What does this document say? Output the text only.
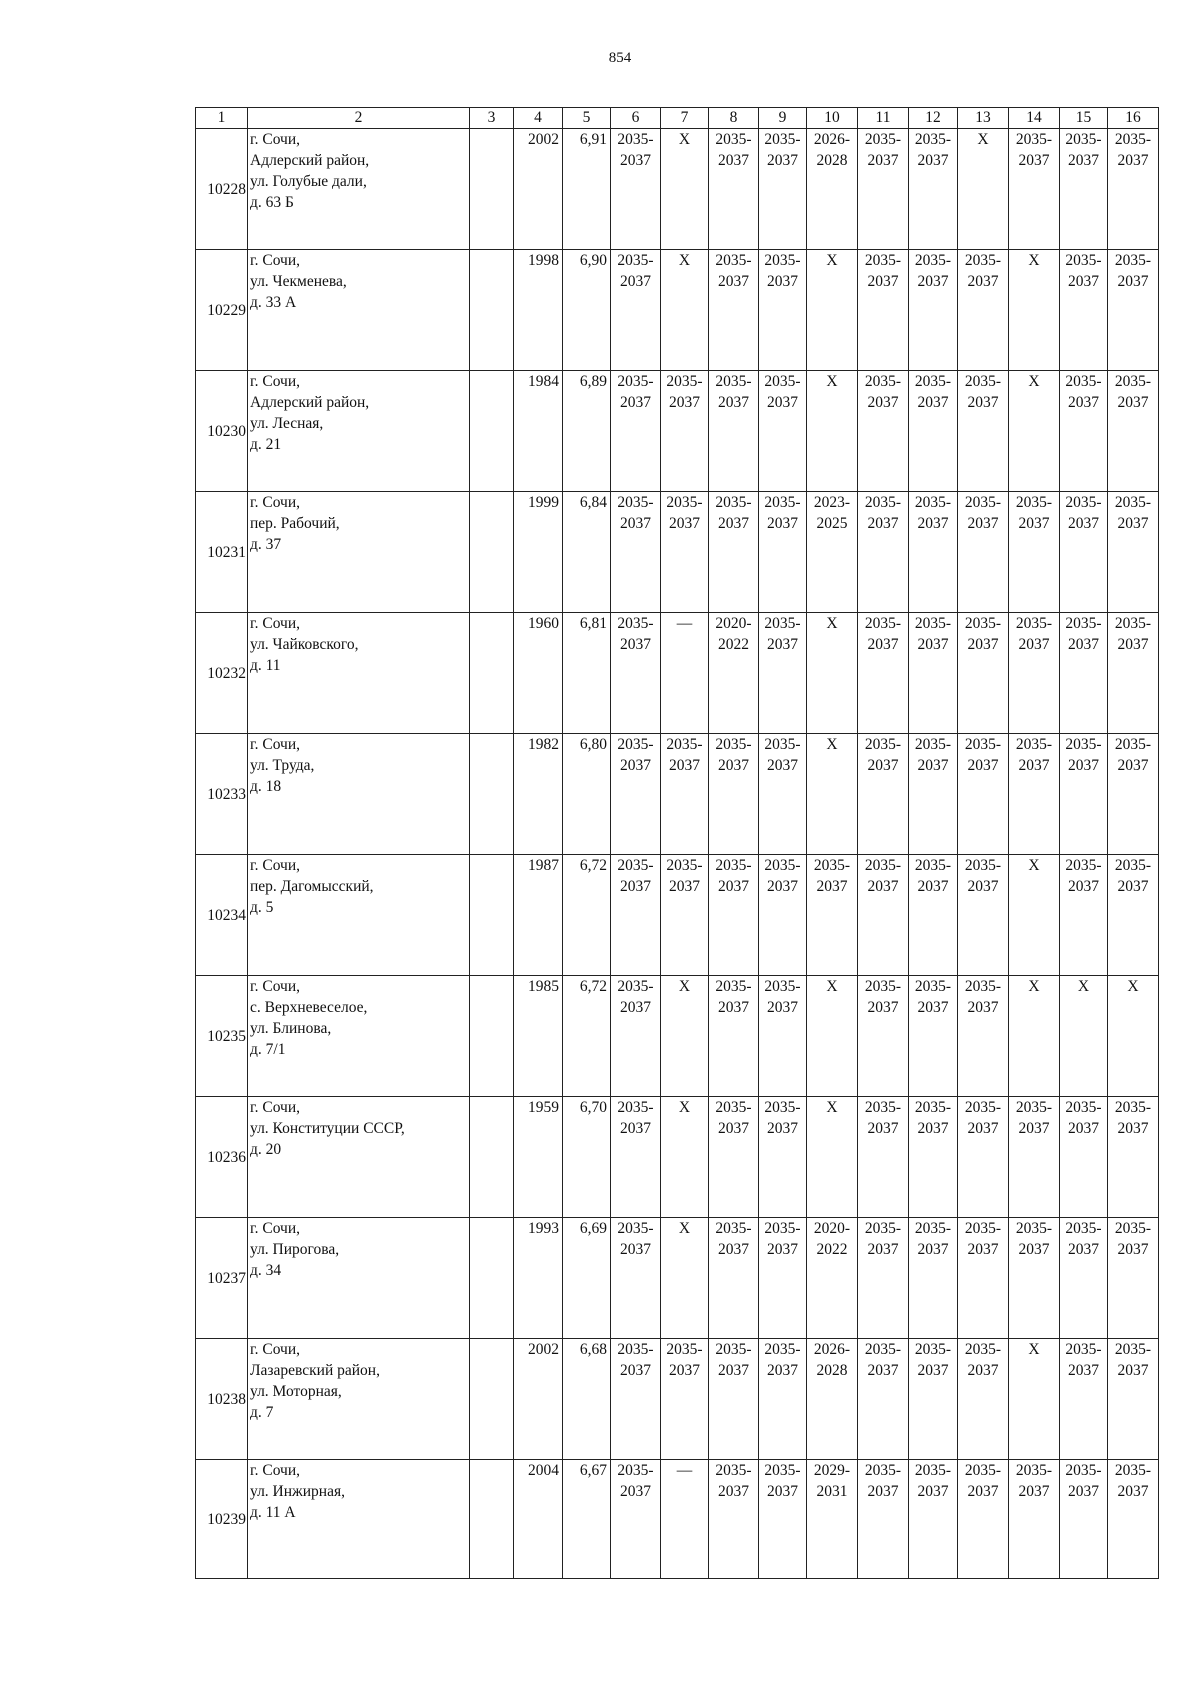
854
1	2	3	4	5	6	7	8	9	10	11	12	13	14	15	16
10228	г. Сочи,
Адлерский район,
ул. Голубые дали,
д. 63 Б		2002	6,91	2035-
2037	X	2035-
2037	2035-
2037	2026-
2028	2035-
2037	2035-
2037	X	2035-
2037	2035-
2037	2035-
2037

10229	г. Сочи,
ул. Чекменева,
д. 33 А		1998	6,90	2035-
2037	X	2035-
2037	2035-
2037	X	2035-
2037	2035-
2037	2035-
2037	X	2035-
2037	2035-
2037

10230	г. Сочи,
Адлерский район,
ул. Лесная,
д. 21		1984	6,89	2035-
2037	2035-
2037	2035-
2037	2035-
2037	X	2035-
2037	2035-
2037	2035-
2037	X	2035-
2037	2035-
2037

10231	г. Сочи,
пер. Рабочий,
д. 37		1999	6,84	2035-
2037	2035-
2037	2035-
2037	2035-
2037	2023-
2025	2035-
2037	2035-
2037	2035-
2037	2035-
2037	2035-
2037	2035-
2037

10232	г. Сочи,
ул. Чайковского,
д. 11		1960	6,81	2035-
2037	—	2020-
2022	2035-
2037	X	2035-
2037	2035-
2037	2035-
2037	2035-
2037	2035-
2037	2035-
2037

10233	г. Сочи,
ул. Труда,
д. 18		1982	6,80	2035-
2037	2035-
2037	2035-
2037	2035-
2037	X	2035-
2037	2035-
2037	2035-
2037	2035-
2037	2035-
2037	2035-
2037

10234	г. Сочи,
пер. Дагомысский,
д. 5		1987	6,72	2035-
2037	2035-
2037	2035-
2037	2035-
2037	2035-
2037	2035-
2037	2035-
2037	2035-
2037	X	2035-
2037	2035-
2037

10235	г. Сочи,
с. Верхневеселое,
ул. Блинова,
д. 7/1		1985	6,72	2035-
2037	X	2035-
2037	2035-
2037	X	2035-
2037	2035-
2037	2035-
2037	X	X	X
10236	г. Сочи,
ул. Конституции СССР,
д. 20		1959	6,70	2035-
2037	X	2035-
2037	2035-
2037	X	2035-
2037	2035-
2037	2035-
2037	2035-
2037	2035-
2037	2035-
2037

10237	г. Сочи,
ул. Пирогова,
д. 34		1993	6,69	2035-
2037	X	2035-
2037	2035-
2037	2020-
2022	2035-
2037	2035-
2037	2035-
2037	2035-
2037	2035-
2037	2035-
2037

10238	г. Сочи,
Лазаревский район,
ул. Моторная,
д. 7		2002	6,68	2035-
2037	2035-
2037	2035-
2037	2035-
2037	2026-
2028	2035-
2037	2035-
2037	2035-
2037	X	2035-
2037	2035-
2037

10239	г. Сочи,
ул. Инжирная,
д. 11 А		2004	6,67	2035-
2037	—	2035-
2037	2035-
2037	2029-
2031	2035-
2037	2035-
2037	2035-
2037	2035-
2037	2035-
2037	2035-
2037
